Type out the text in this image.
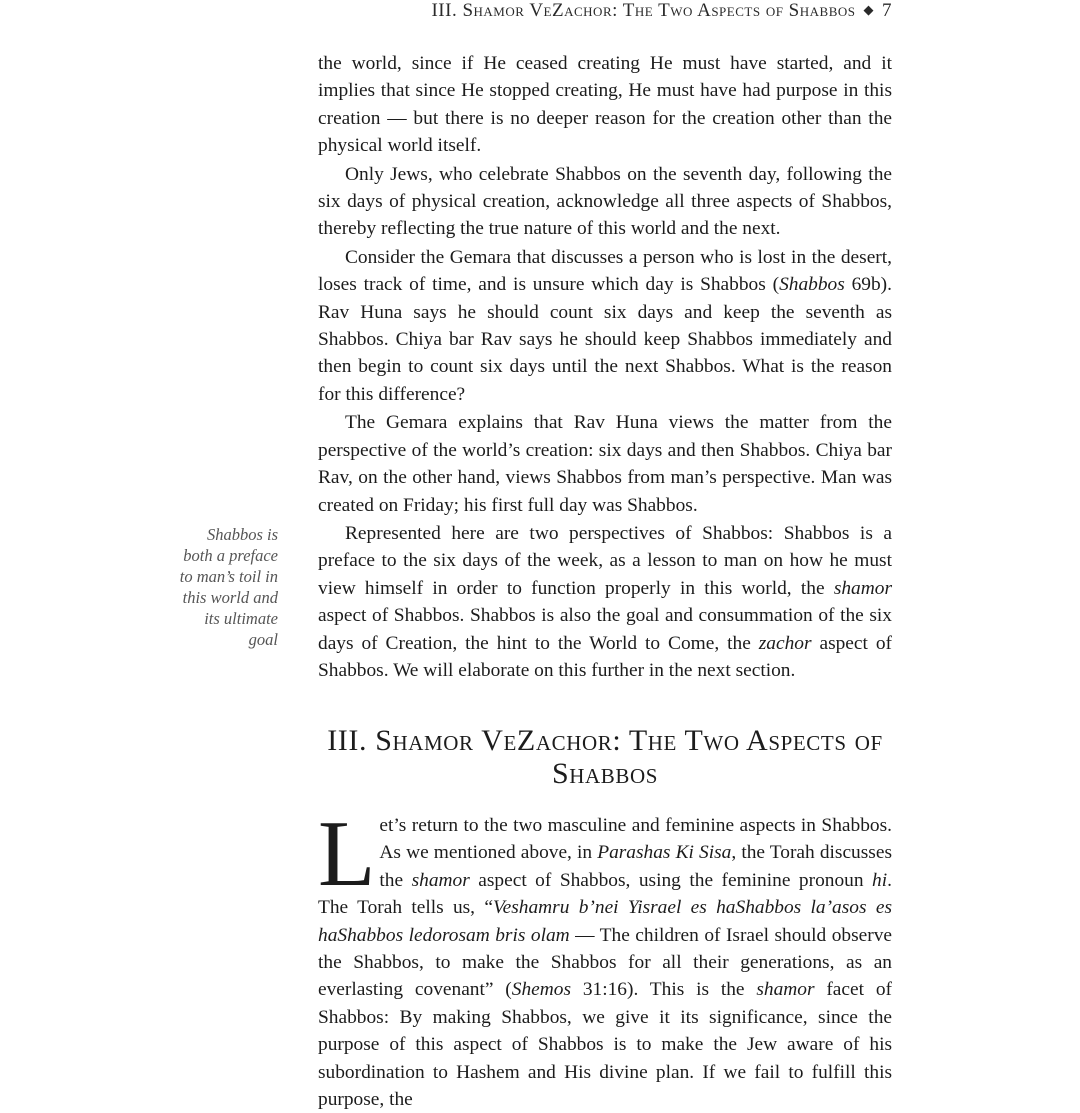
III. Shamor VeZachor: The Two Aspects of Shabbos ◆ 7

the world, since if He ceased creating He must have started, and it implies that since He stopped creating, He must have had purpose in this creation — but there is no deeper reason for the creation other than the physical world itself.

Only Jews, who celebrate Shabbos on the seventh day, following the six days of physical creation, acknowledge all three aspects of Shabbos, thereby reflecting the true nature of this world and the next.

Consider the Gemara that discusses a person who is lost in the desert, loses track of time, and is unsure which day is Shabbos (Shabbos 69b). Rav Huna says he should count six days and keep the seventh as Shabbos. Chiya bar Rav says he should keep Shabbos immediately and then begin to count six days until the next Shabbos. What is the reason for this difference?

The Gemara explains that Rav Huna views the matter from the perspective of the world’s creation: six days and then Shabbos. Chiya bar Rav, on the other hand, views Shabbos from man’s perspective. Man was created on Friday; his first full day was Shabbos.

Represented here are two perspectives of Shabbos: Shabbos is a preface to the six days of the week, as a lesson to man on how he must view himself in order to function properly in this world, the shamor aspect of Shabbos. Shabbos is also the goal and consummation of the six days of Creation, the hint to the World to Come, the zachor aspect of Shabbos. We will elaborate on this further in the next section.

Shabbos is both a preface to man’s toil in this world and its ultimate goal
III. Shamor VeZachor: The Two Aspects of Shabbos

Let’s return to the two masculine and feminine aspects in Shabbos. As we mentioned above, in Parashas Ki Sisa, the Torah discusses the shamor aspect of Shabbos, using the feminine pronoun hi. The Torah tells us, “Veshamru b’nei Yisrael es haShabbos la’asos es haShabbos ledorosam bris olam — The children of Israel should observe the Shabbos, to make the Shabbos for all their generations, as an everlasting covenant” (Shemos 31:16). This is the shamor facet of Shabbos: By making Shabbos, we give it its significance, since the purpose of this aspect of Shabbos is to make the Jew aware of his subordination to Hashem and His divine plan. If we fail to fulfill this purpose, the
